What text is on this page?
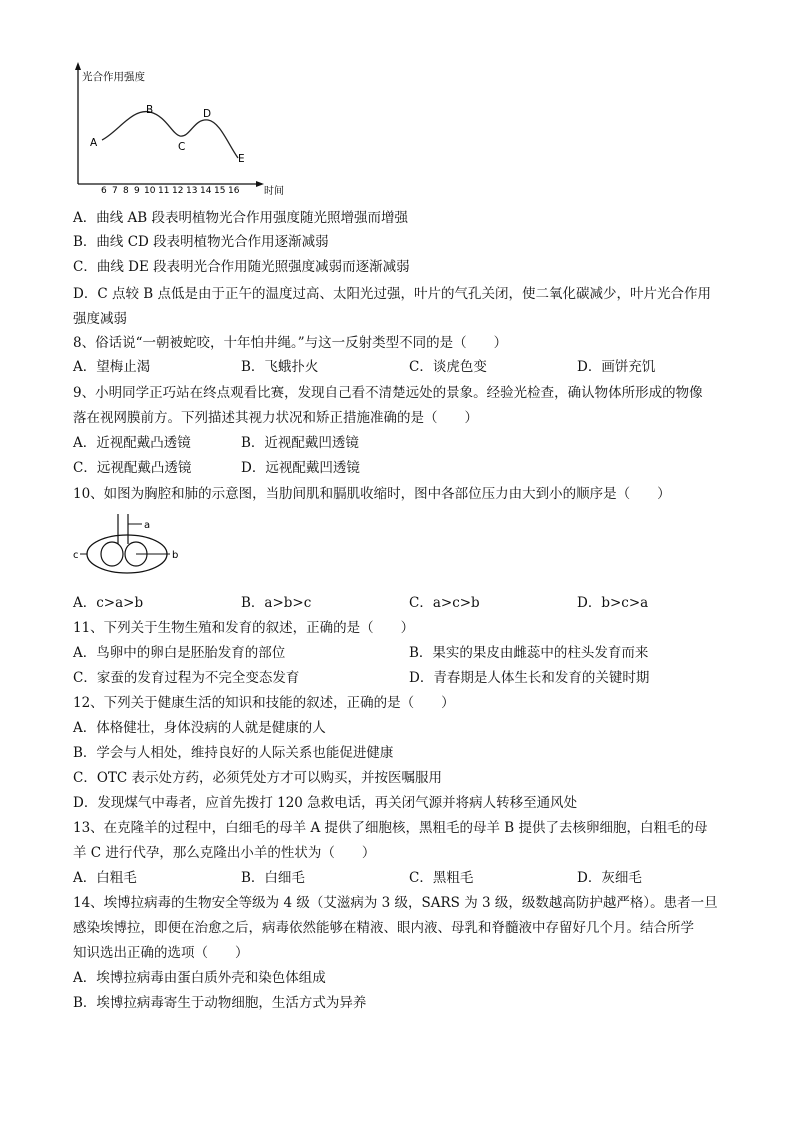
光合作用强度
时间
A
B
C
D
E
6 7 8 9 10 11 12 13 14 15 16
A．曲线 AB 段表明植物光合作用强度随光照增强而增强
B．曲线 CD 段表明植物光合作用逐渐减弱
C．曲线 DE 段表明光合作用随光照强度减弱而逐渐减弱
D．C 点较 B 点低是由于正午的温度过高、太阳光过强，叶片的气孔关闭，使二氧化碳减少，叶片光合作用
强度减弱
8、俗话说“一朝被蛇咬，十年怕井绳。”与这一反射类型不同的是（　　）
A．望梅止渴	B．飞蛾扑火	C．谈虎色变	D．画饼充饥
9、小明同学正巧站在终点观看比赛，发现自己看不清楚远处的景象。经验光检查，确认物体所形成的物像
落在视网膜前方。下列描述其视力状况和矫正措施准确的是（　　）
A．近视配戴凸透镜	B．近视配戴凹透镜
C．远视配戴凸透镜	D．远视配戴凹透镜
10、如图为胸腔和肺的示意图，当肋间肌和膈肌收缩时，图中各部位压力由大到小的顺序是（　　）
a
b
c
A．c>a>b	B．a>b>c	C．a>c>b	D．b>c>a
11、下列关于生物生殖和发育的叙述，正确的是（　　）
A．鸟卵中的卵白是胚胎发育的部位	B．果实的果皮由雌蕊中的柱头发育而来
C．家蚕的发育过程为不完全变态发育	D．青春期是人体生长和发育的关键时期
12、下列关于健康生活的知识和技能的叙述，正确的是（　　）
A．体格健壮，身体没病的人就是健康的人
B．学会与人相处，维持良好的人际关系也能促进健康
C．OTC 表示处方药，必须凭处方才可以购买，并按医嘱服用
D．发现煤气中毒者，应首先拨打 120 急救电话，再关闭气源并将病人转移至通风处
13、在克隆羊的过程中，白细毛的母羊 A 提供了细胞核，黑粗毛的母羊 B 提供了去核卵细胞，白粗毛的母
羊 C 进行代孕，那么克隆出小羊的性状为（　　）
A．白粗毛	B．白细毛	C．黑粗毛	D．灰细毛
14、埃博拉病毒的生物安全等级为 4 级（艾滋病为 3 级，SARS 为 3 级，级数越高防护越严格）。患者一旦
感染埃博拉，即便在治愈之后，病毒依然能够在精液、眼内液、母乳和脊髓液中存留好几个月。结合所学
知识选出正确的选项（　　）
A．埃博拉病毒由蛋白质外壳和染色体组成
B．埃博拉病毒寄生于动物细胞，生活方式为异养
